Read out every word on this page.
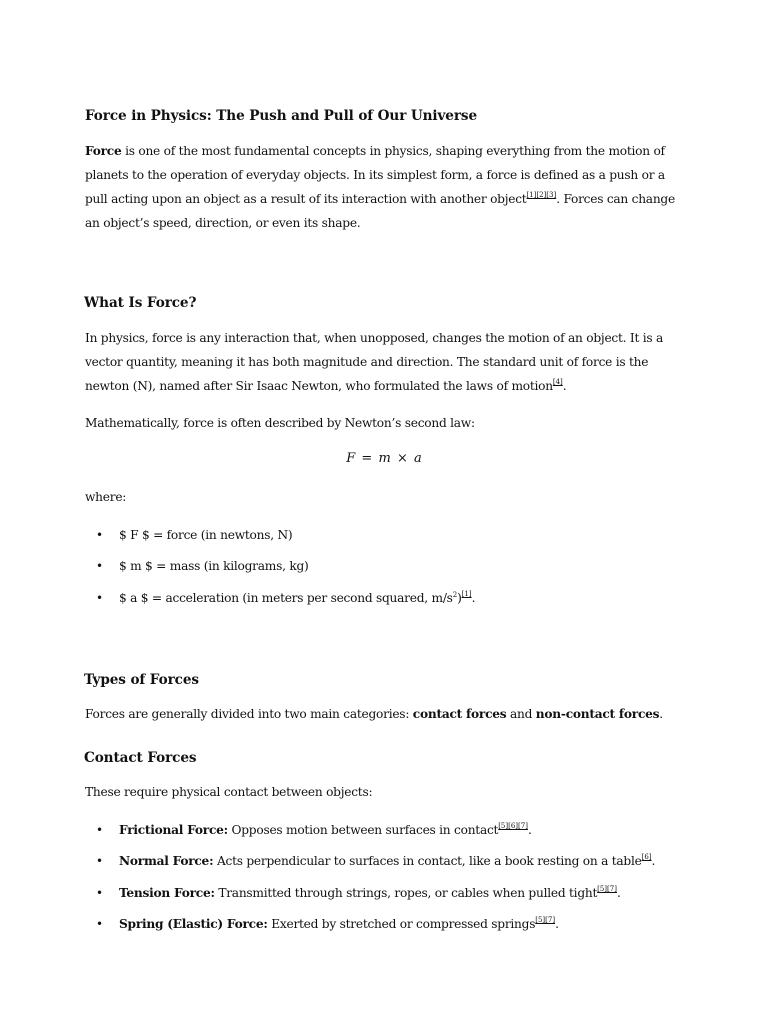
Force in Physics: The Push and Pull of Our Universe

Force is one of the most fundamental concepts in physics, shaping everything from the motion of planets to the operation of everyday objects. In its simplest form, a force is defined as a push or a pull acting upon an object as a result of its interaction with another object[1][2][3]. Forces can change an object’s speed, direction, or even its shape.

What Is Force?

In physics, force is any interaction that, when unopposed, changes the motion of an object. It is a vector quantity, meaning it has both magnitude and direction. The standard unit of force is the newton (N), named after Sir Isaac Newton, who formulated the laws of motion[4].

Mathematically, force is often described by Newton’s second law:

F = m × a

where:

• $ F $ = force (in newtons, N)
• $ m $ = mass (in kilograms, kg)
• $ a $ = acceleration (in meters per second squared, $m/s^2)[1]$.
Types of Forces

Forces are generally divided into two main categories: contact forces and non-contact forces.

Contact Forces

These require physical contact between objects:

• Frictional Force: Opposes motion between surfaces in contact[5][6][7].
• Normal Force: Acts perpendicular to surfaces in contact, like a book resting on a table[6].
• Tension Force: Transmitted through strings, ropes, or cables when pulled tight[5][7].
• Spring (Elastic) Force: Exerted by stretched or compressed springs[5][7].
